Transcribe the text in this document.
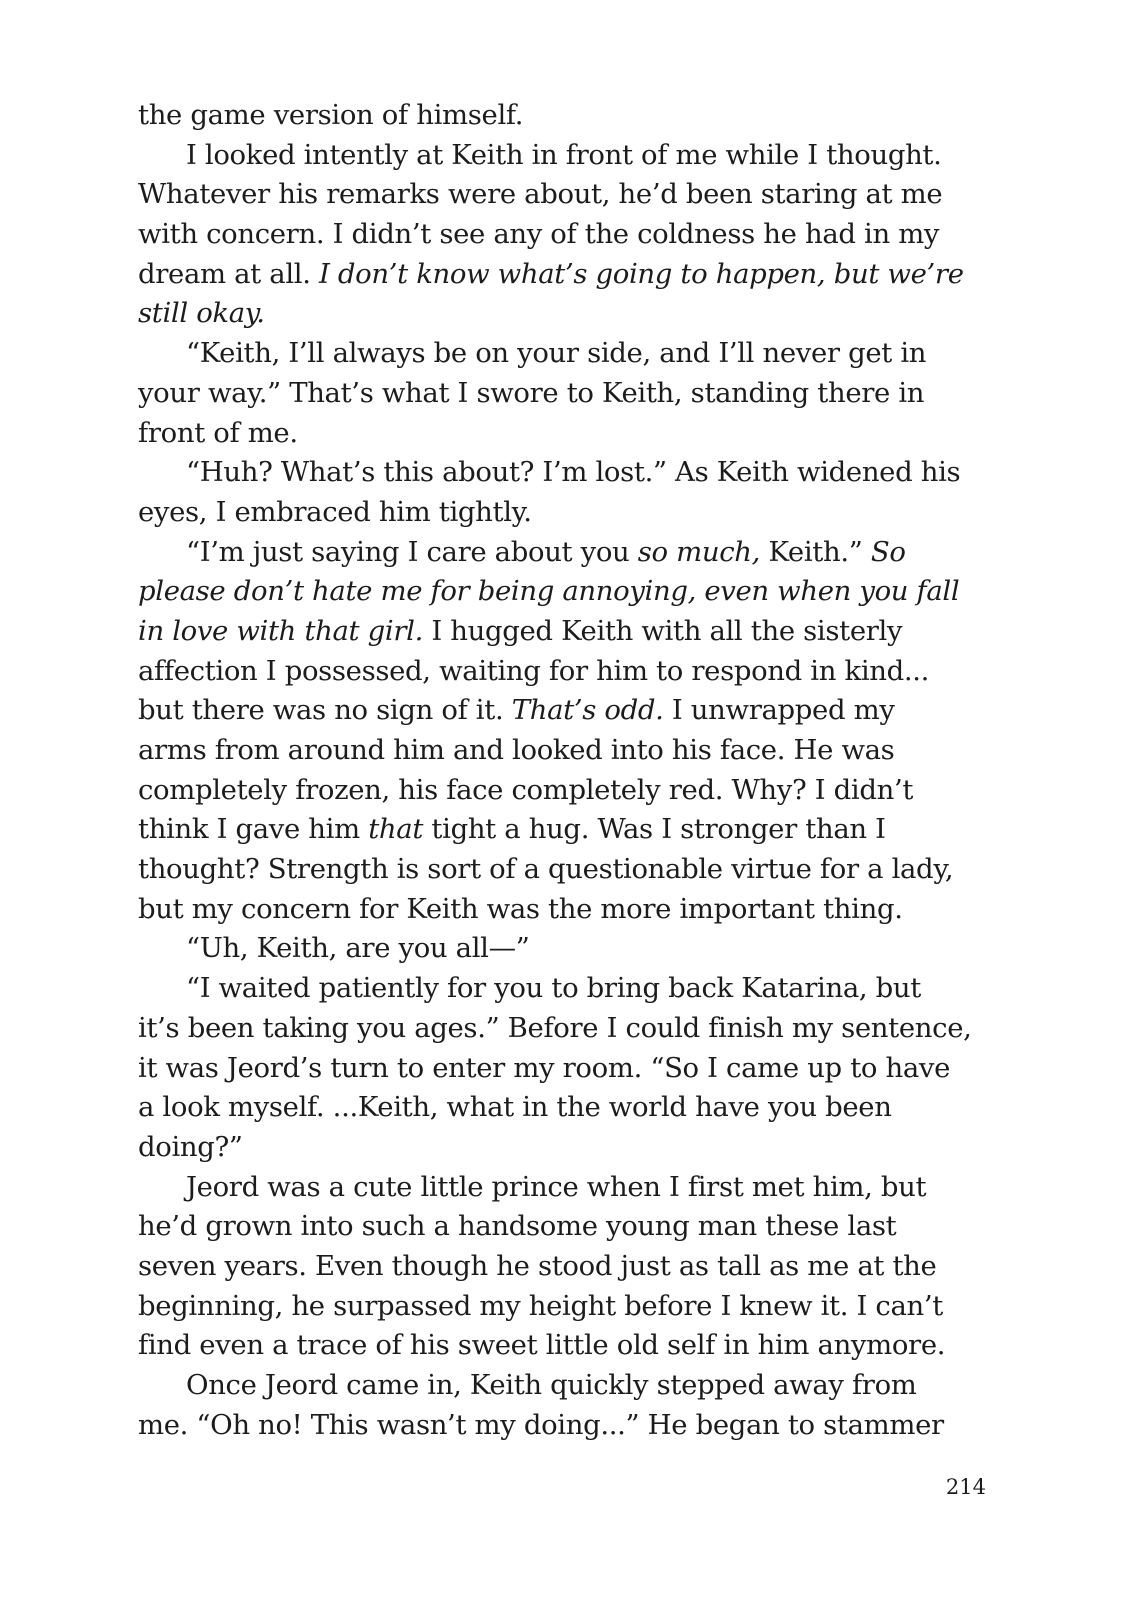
the game version of himself.
I looked intently at Keith in front of me while I thought.
Whatever his remarks were about, he’d been staring at me
with concern. I didn’t see any of the coldness he had in my
dream at all. I don’t know what’s going to happen, but we’re
still okay.
“Keith, I’ll always be on your side, and I’ll never get in
your way.” That’s what I swore to Keith, standing there in
front of me.
“Huh? What’s this about? I’m lost.” As Keith widened his
eyes, I embraced him tightly.
“I’m just saying I care about you so much, Keith.” So
please don’t hate me for being annoying, even when you fall
in love with that girl. I hugged Keith with all the sisterly
affection I possessed, waiting for him to respond in kind...
but there was no sign of it. That’s odd. I unwrapped my
arms from around him and looked into his face. He was
completely frozen, his face completely red. Why? I didn’t
think I gave him that tight a hug. Was I stronger than I
thought? Strength is sort of a questionable virtue for a lady,
but my concern for Keith was the more important thing.
“Uh, Keith, are you all—”
“I waited patiently for you to bring back Katarina, but
it’s been taking you ages.” Before I could finish my sentence,
it was Jeord’s turn to enter my room. “So I came up to have
a look myself. ...Keith, what in the world have you been
doing?”
Jeord was a cute little prince when I first met him, but
he’d grown into such a handsome young man these last
seven years. Even though he stood just as tall as me at the
beginning, he surpassed my height before I knew it. I can’t
find even a trace of his sweet little old self in him anymore.
Once Jeord came in, Keith quickly stepped away from
me. “Oh no! This wasn’t my doing...” He began to stammer
214
